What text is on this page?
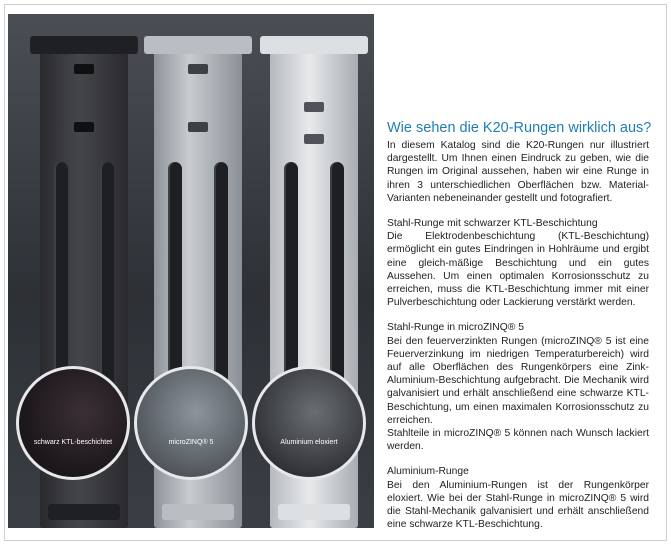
schwarz KTL-beschichtet	microZINQ® 5	Aluminium eloxiert
Wie sehen die K20-Rungen wirklich aus?

In diesem Katalog sind die K20-Rungen nur illustriert dargestellt. Um Ihnen einen Eindruck zu geben, wie die Rungen im Original aussehen, haben wir eine Runge in ihren 3 unterschiedlichen Oberflächen bzw. Material-Varianten nebeneinander gestellt und fotografiert.

Stahl-Runge mit schwarzer KTL-Beschichtung

Die Elektrodenbeschichtung (KTL-Beschichtung) ermöglicht ein gutes Eindringen in Hohlräume und ergibt eine gleich-mäßige Beschichtung und ein gutes Aussehen. Um einen optimalen Korrosionsschutz zu erreichen, muss die KTL-Beschichtung immer mit einer Pulverbeschichtung oder Lackierung verstärkt werden.

Stahl-Runge in microZINQ® 5

Bei den feuerverzinkten Rungen (microZINQ® 5 ist eine Feuerverzinkung im niedrigen Temperaturbereich) wird auf alle Oberflächen des Rungenkörpers eine Zink-Aluminium-Beschichtung aufgebracht. Die Mechanik wird galvanisiert und erhält anschließend eine schwarze KTL-Beschichtung, um einen maximalen Korrosionsschutz zu erreichen.

Stahlteile in microZINQ® 5 können nach Wunsch lackiert werden.

Aluminium-Runge

Bei den Aluminium-Rungen ist der Rungenkörper eloxiert. Wie bei der Stahl-Runge in microZINQ® 5 wird die Stahl-Mechanik galvanisiert und erhält anschließend eine schwarze KTL-Beschichtung.
